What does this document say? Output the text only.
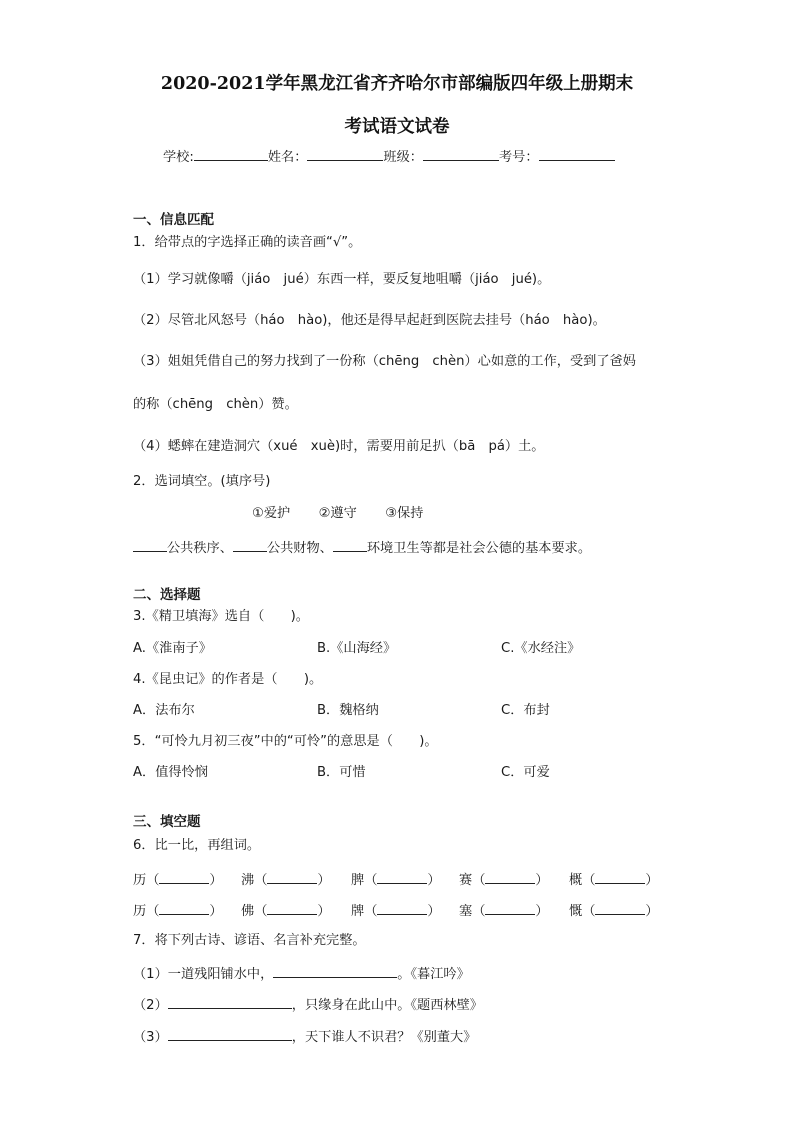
2020-2021学年黑龙江省齐齐哈尔市部编版四年级上册期末
考试语文试卷
学校:	姓名：	班级：	考号：
一、信息匹配
1．给带点的字选择正确的读音画“√”。
（1）学习就像嚼（jiáo　jué）东西一样，要反复地咀嚼（jiáo　jué)。
（2）尽管北风怒号（háo　hào)，他还是得早起赶到医院去挂号（háo　hào)。
（3）姐姐凭借自己的努力找到了一份称（chēng　chèn）心如意的工作，受到了爸妈
的称（chēng　chèn）赞。
（4）蟋蟀在建造洞穴（xué　xuè)时，需要用前足扒（bā　pá）土。
2．选词填空。(填序号)
①爱护 ②遵守 ③保持
公共秩序、	公共财物、	环境卫生等都是社会公德的基本要求。
二、选择题
3.《精卫填海》选自（　　)。
A.《淮南子》	B.《山海经》	C.《水经注》
4.《昆虫记》的作者是（　　)。
A．法布尔	B．魏格纳	C．布封
5．“可怜九月初三夜”中的“可怜”的意思是（　　)。
A．值得怜悯	B．可惜	C．可爱
三、填空题
6．比一比，再组词。
历（	） 沸（	） 脾（	） 赛（	） 概（	）
历（	） 佛（	） 牌（	） 塞（	） 慨（	）
7．将下列古诗、谚语、名言补充完整。
（1）一道残阳铺水中，	。《暮江吟》
（2）	，只缘身在此山中。《题西林壁》
（3）	，天下谁人不识君？《别董大》
